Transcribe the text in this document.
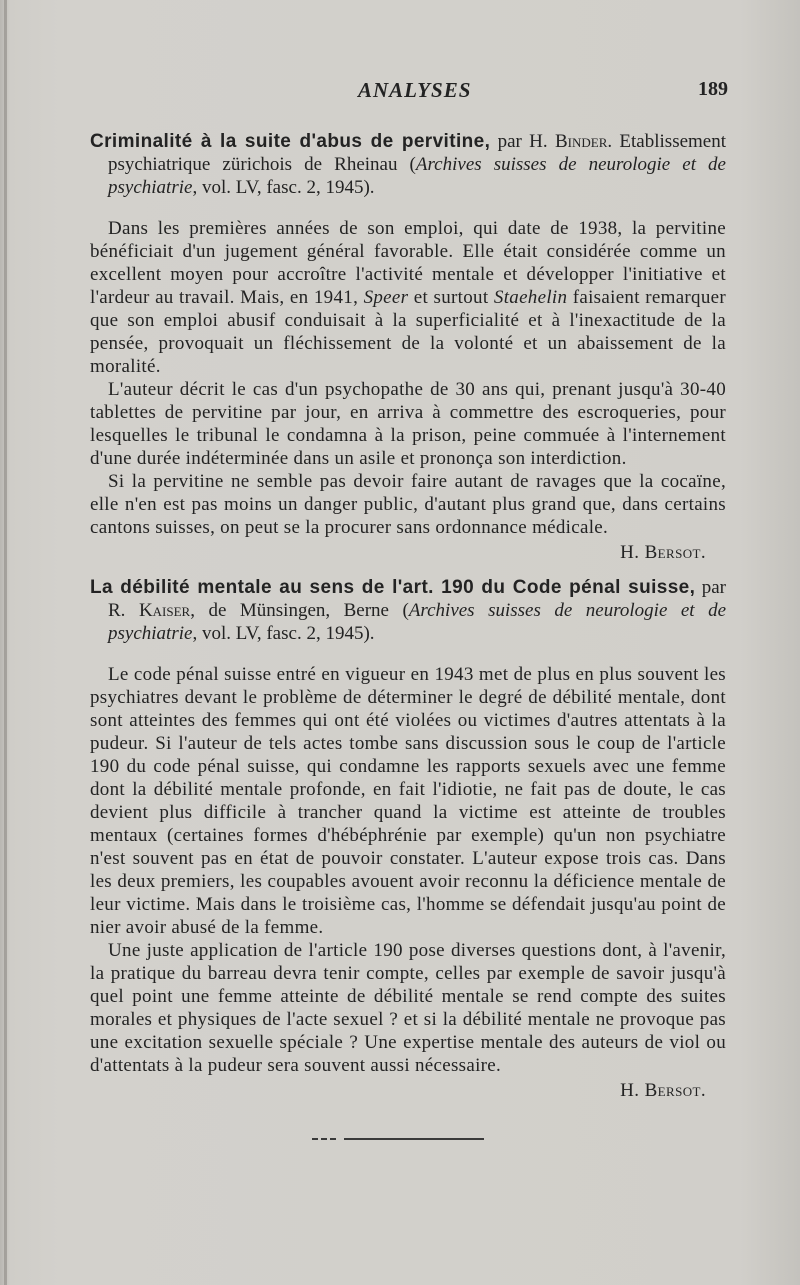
ANALYSES	189

Criminalité à la suite d'abus de pervitine, par H. Binder. Etablissement psychiatrique zürichois de Rheinau (Archives suisses de neurologie et de psychiatrie, vol. LV, fasc. 2, 1945).

Dans les premières années de son emploi, qui date de 1938, la pervitine bénéficiait d'un jugement général favorable. Elle était considérée comme un excellent moyen pour accroître l'activité mentale et développer l'initiative et l'ardeur au travail. Mais, en 1941, Speer et surtout Staehelin faisaient remarquer que son emploi abusif conduisait à la superficialité et à l'inexactitude de la pensée, provoquait un fléchissement de la volonté et un abaissement de la moralité.

L'auteur décrit le cas d'un psychopathe de 30 ans qui, prenant jusqu'à 30-40 tablettes de pervitine par jour, en arriva à commettre des escroqueries, pour lesquelles le tribunal le condamna à la prison, peine commuée à l'internement d'une durée indéterminée dans un asile et prononça son interdiction.

Si la pervitine ne semble pas devoir faire autant de ravages que la cocaïne, elle n'en est pas moins un danger public, d'autant plus grand que, dans certains cantons suisses, on peut se la procurer sans ordonnance médicale.

H. Bersot.

La débilité mentale au sens de l'art. 190 du Code pénal suisse, par R. Kaiser, de Münsingen, Berne (Archives suisses de neurologie et de psychiatrie, vol. LV, fasc. 2, 1945).

Le code pénal suisse entré en vigueur en 1943 met de plus en plus souvent les psychiatres devant le problème de déterminer le degré de débilité mentale, dont sont atteintes des femmes qui ont été violées ou victimes d'autres attentats à la pudeur. Si l'auteur de tels actes tombe sans discussion sous le coup de l'article 190 du code pénal suisse, qui condamne les rapports sexuels avec une femme dont la débilité mentale profonde, en fait l'idiotie, ne fait pas de doute, le cas devient plus difficile à trancher quand la victime est atteinte de troubles mentaux (certaines formes d'hébéphrénie par exemple) qu'un non psychiatre n'est souvent pas en état de pouvoir constater. L'auteur expose trois cas. Dans les deux premiers, les coupables avouent avoir reconnu la déficience mentale de leur victime. Mais dans le troisième cas, l'homme se défendait jusqu'au point de nier avoir abusé de la femme.

Une juste application de l'article 190 pose diverses questions dont, à l'avenir, la pratique du barreau devra tenir compte, celles par exemple de savoir jusqu'à quel point une femme atteinte de débilité mentale se rend compte des suites morales et physiques de l'acte sexuel ? et si la débilité mentale ne provoque pas une excitation sexuelle spéciale ? Une expertise mentale des auteurs de viol ou d'attentats à la pudeur sera souvent aussi nécessaire.

H. Bersot.
